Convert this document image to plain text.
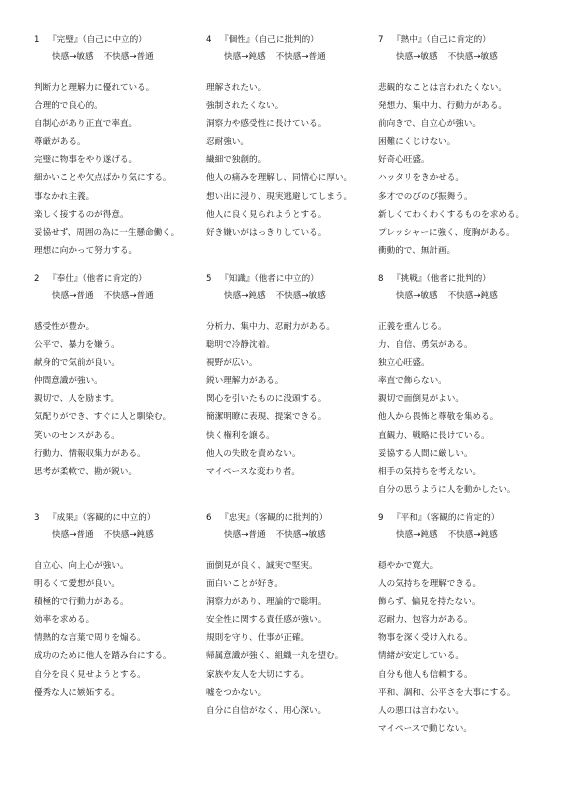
1 『完璧』（自己に中立的）
快感→敏感 不快感→普通
判断力と理解力に優れている。
合理的で良心的。
自制心があり正直で率直。
尊厳がある。
完璧に物事をやり遂げる。
細かいことや欠点ばかり気にする。
事なかれ主義。
楽しく接するのが得意。
妥協せず、周囲の為に一生懸命働く。
理想に向かって努力する。
4 『個性』（自己に批判的）
快感→鈍感 不快感→普通
理解されたい。
強制されたくない。
洞察力や感受性に長けている。
忍耐強い。
繊細で独創的。
他人の痛みを理解し、同情心に厚い。
想い出に浸り、現実逃避してしまう。
他人に良く見られようとする。
好き嫌いがはっきりしている。
7 『熱中』（自己に肯定的）
快感→敏感 不快感→敏感
悲観的なことは言われたくない。
発想力、集中力、行動力がある。
前向きで、自立心が強い。
困難にくじけない。
好奇心旺盛。
ハッタリをきかせる。
多才でのびのび振舞う。
新しくてわくわくするものを求める。
プレッシャーに強く、度胸がある。
衝動的で、無計画。
2 『奉仕』（他者に肯定的）
快感→普通 不快感→普通
感受性が豊か。
公平で、暴力を嫌う。
献身的で気前が良い。
仲間意識が強い。
親切で、人を励ます。
気配りができ、すぐに人と馴染む。
笑いのセンスがある。
行動力、情報収集力がある。
思考が柔軟で、勘が鋭い。
5 『知識』（他者に中立的）
快感→鈍感 不快感→敏感
分析力、集中力、忍耐力がある。
聡明で冷静沈着。
視野が広い。
鋭い理解力がある。
関心を引いたものに没頭する。
簡潔明瞭に表現、提案できる。
快く権利を譲る。
他人の失敗を責めない。
マイペースな変わり者。
8 『挑戦』（他者に批判的）
快感→敏感 不快感→鈍感
正義を重んじる。
力、自信、勇気がある。
独立心旺盛。
率直で飾らない。
親切で面倒見がよい。
他人から畏怖と尊敬を集める。
直観力、戦略に長けている。
妥協する人間に厳しい。
相手の気持ちを考えない。
自分の思うように人を動かしたい。
3 『成果』（客観的に中立的）
快感→普通 不快感→鈍感
自立心、向上心が強い。
明るくて愛想が良い。
積極的で行動力がある。
効率を求める。
情熱的な言葉で周りを煽る。
成功のために他人を踏み台にする。
自分を良く見せようとする。
優秀な人に嫉妬する。
6 『忠実』（客観的に批判的）
快感→普通 不快感→敏感
面倒見が良く、誠実で堅実。
面白いことが好き。
洞察力があり、理論的で聡明。
安全性に関する責任感が強い。
規則を守り、仕事が正確。
帰属意識が強く、組織一丸を望む。
家族や友人を大切にする。
嘘をつかない。
自分に自信がなく、用心深い。
9 『平和』（客観的に肯定的）
快感→鈍感 不快感→鈍感
穏やかで寛大。
人の気持ちを理解できる。
飾らず、偏見を持たない。
忍耐力、包容力がある。
物事を深く受け入れる。
情緒が安定している。
自分も他人も信頼する。
平和、調和、公平さを大事にする。
人の悪口は言わない。
マイペースで動じない。
